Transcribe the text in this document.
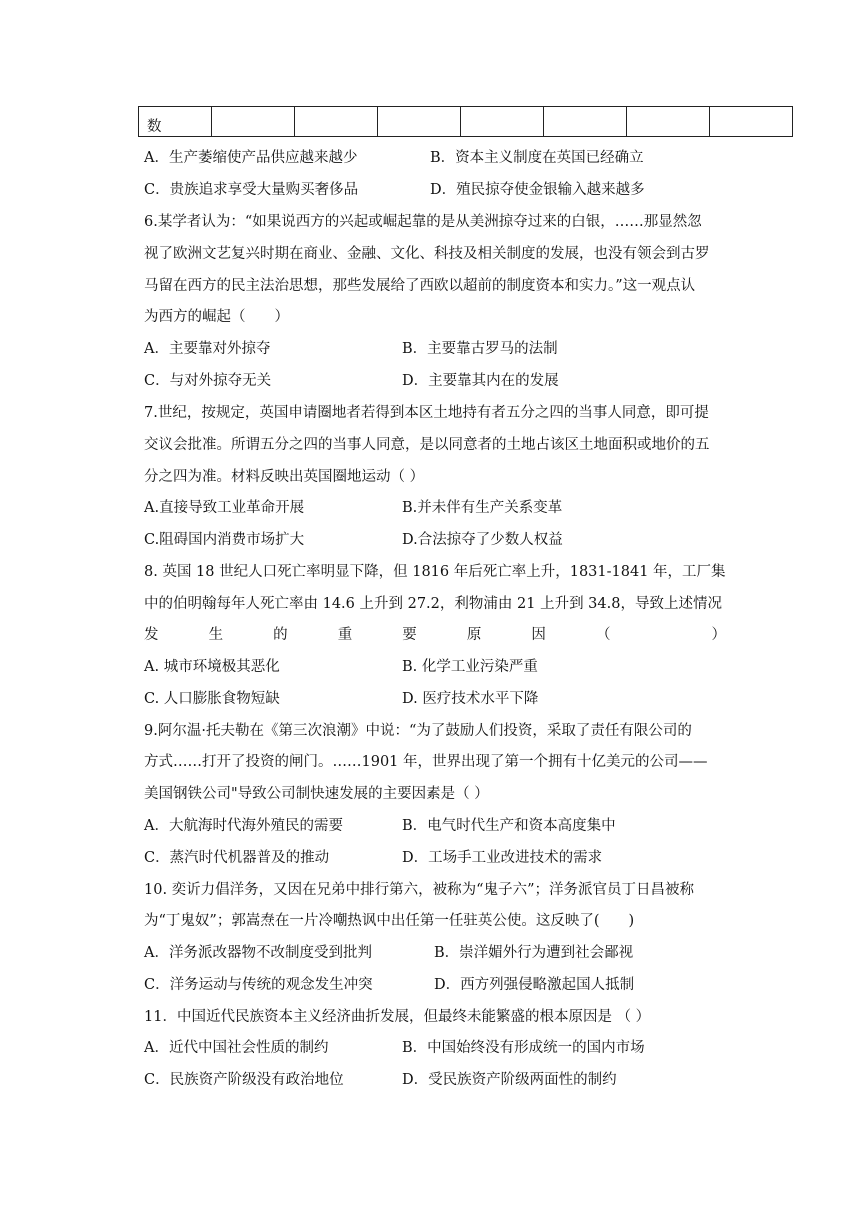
数							
A．生产萎缩使产品供应越来越少	B．资本主义制度在英国已经确立
C．贵族追求享受大量购买奢侈品	D．殖民掠夺使金银输入越来越多
6.某学者认为：“如果说西方的兴起或崛起靠的是从美洲掠夺过来的白银，……那显然忽
视了欧洲文艺复兴时期在商业、金融、文化、科技及相关制度的发展，也没有领会到古罗
马留在西方的民主法治思想，那些发展给了西欧以超前的制度资本和实力。”这一观点认
为西方的崛起（　　）
A．主要靠对外掠夺	B．主要靠古罗马的法制
C．与对外掠夺无关	D．主要靠其内在的发展
7.世纪，按规定，英国申请圈地者若得到本区土地持有者五分之四的当事人同意，即可提
交议会批准。所谓五分之四的当事人同意，是以同意者的土地占该区土地面积或地价的五
分之四为准。材料反映出英国圈地运动（ ）
A.直接导致工业革命开展	B.并未伴有生产关系变革
C.阻碍国内消费市场扩大	D.合法掠夺了少数人权益
8. 英国 18 世纪人口死亡率明显下降，但 1816 年后死亡率上升，1831-1841 年，工厂集
中的伯明翰每年人死亡率由 14.6 上升到 27.2，利物浦由 21 上升到 34.8，导致上述情况
发	生	的	重	要	原	因	（	）
A. 城市环境极其恶化	B. 化学工业污染严重
C. 人口膨胀食物短缺	D. 医疗技术水平下降
9.阿尔温·托夫勒在《第三次浪潮》中说：“为了鼓励人们投资，采取了责任有限公司的
方式……打开了投资的闸门。……1901 年，世界出现了第一个拥有十亿美元的公司——
美国钢铁公司"导致公司制快速发展的主要因素是（ ）
A．大航海时代海外殖民的需要	B．电气时代生产和资本高度集中
C．蒸汽时代机器普及的推动	D．工场手工业改进技术的需求
10. 奕䜣力倡洋务，又因在兄弟中排行第六，被称为“鬼子六”；洋务派官员丁日昌被称
为“丁鬼奴”；郭嵩焘在一片冷嘲热讽中出任第一任驻英公使。这反映了(　　)
A．洋务派改器物不改制度受到批判	B．崇洋媚外行为遭到社会鄙视
C．洋务运动与传统的观念发生冲突	D．西方列强侵略激起国人抵制
11．中国近代民族资本主义经济曲折发展，但最终未能繁盛的根本原因是 （ ）
A．近代中国社会性质的制约	B．中国始终没有形成统一的国内市场
C．民族资产阶级没有政治地位	D．受民族资产阶级两面性的制约
